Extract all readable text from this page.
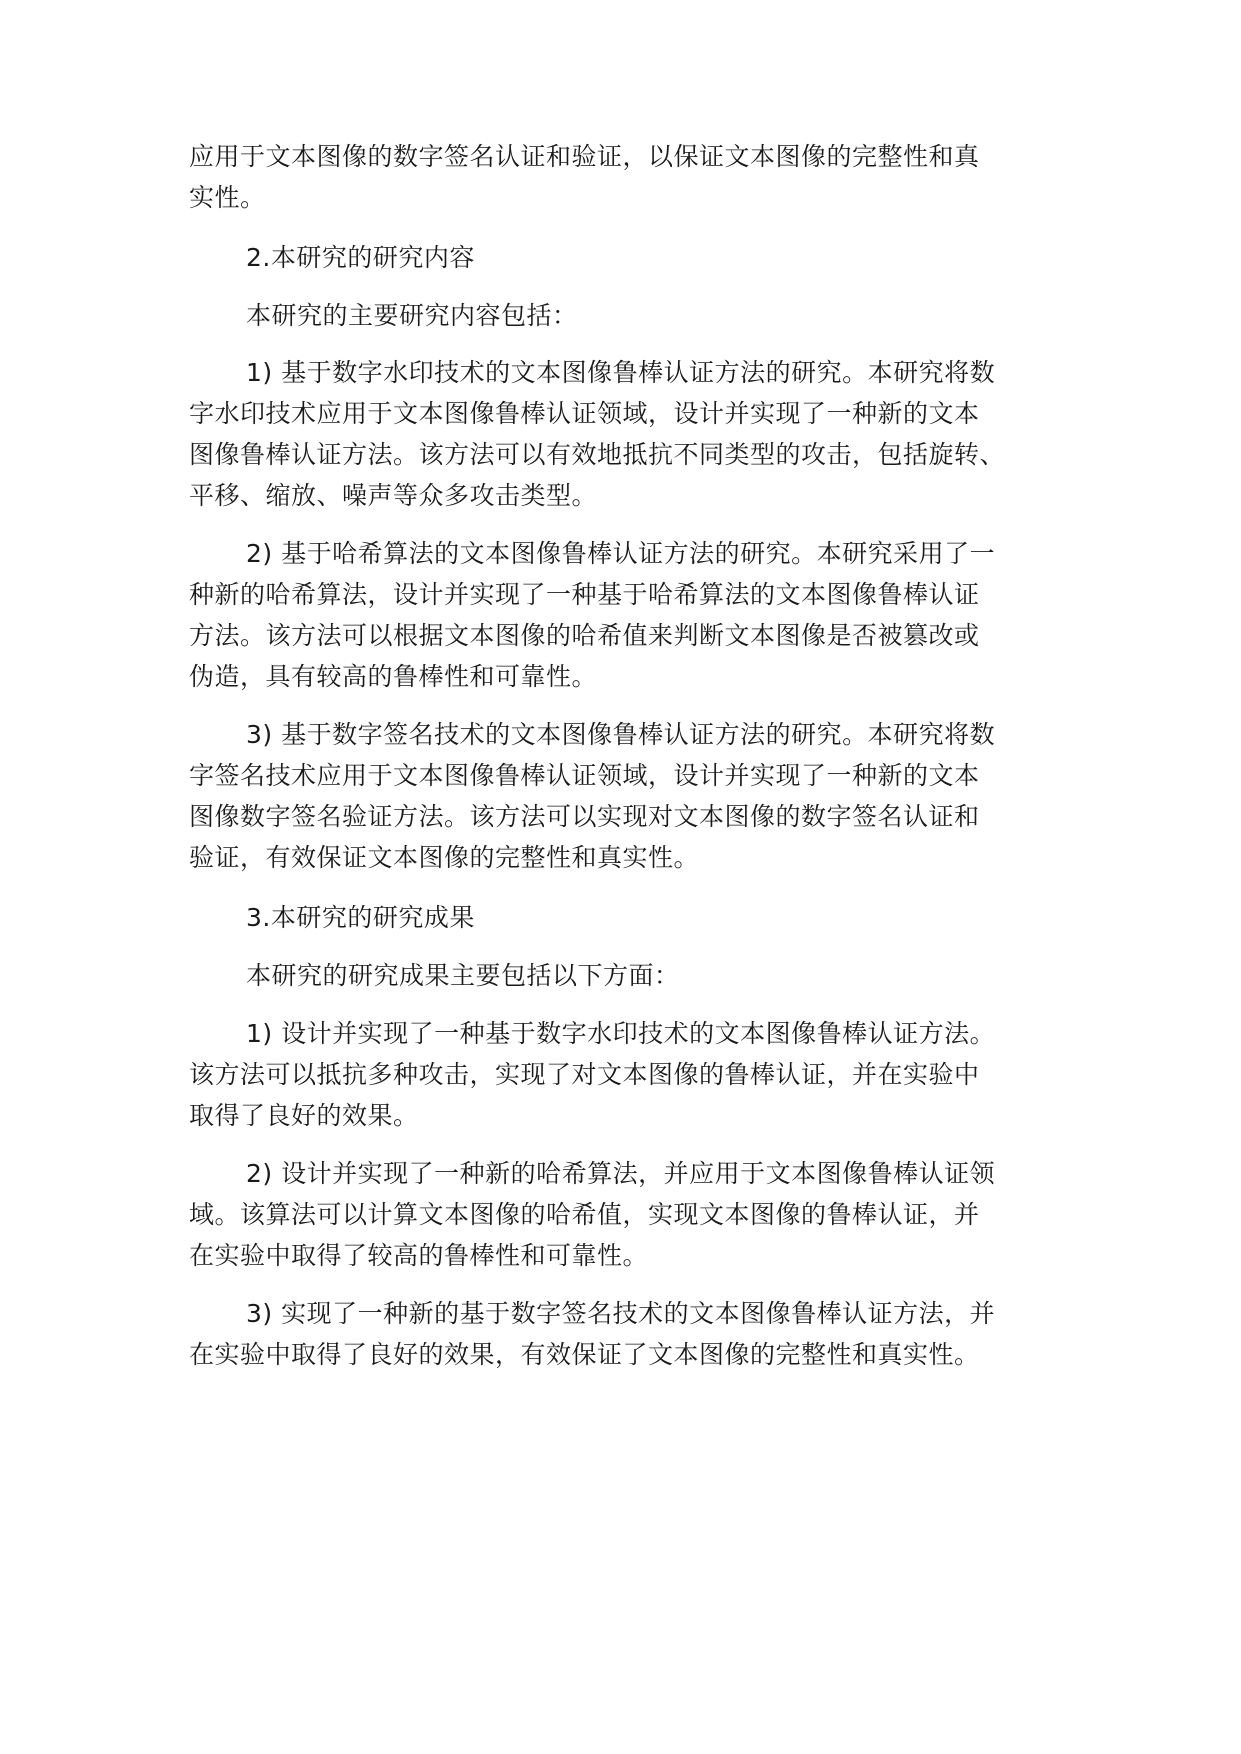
应用于文本图像的数字签名认证和验证，以保证文本图像的完整性和真
实性。
2.本研究的研究内容
本研究的主要研究内容包括：
1) 基于数字水印技术的文本图像鲁棒认证方法的研究。本研究将数
字水印技术应用于文本图像鲁棒认证领域，设计并实现了一种新的文本
图像鲁棒认证方法。该方法可以有效地抵抗不同类型的攻击，包括旋转、
平移、缩放、噪声等众多攻击类型。
2) 基于哈希算法的文本图像鲁棒认证方法的研究。本研究采用了一
种新的哈希算法，设计并实现了一种基于哈希算法的文本图像鲁棒认证
方法。该方法可以根据文本图像的哈希值来判断文本图像是否被篡改或
伪造，具有较高的鲁棒性和可靠性。
3) 基于数字签名技术的文本图像鲁棒认证方法的研究。本研究将数
字签名技术应用于文本图像鲁棒认证领域，设计并实现了一种新的文本
图像数字签名验证方法。该方法可以实现对文本图像的数字签名认证和
验证，有效保证文本图像的完整性和真实性。
3.本研究的研究成果
本研究的研究成果主要包括以下方面：
1) 设计并实现了一种基于数字水印技术的文本图像鲁棒认证方法。
该方法可以抵抗多种攻击，实现了对文本图像的鲁棒认证，并在实验中
取得了良好的效果。
2) 设计并实现了一种新的哈希算法，并应用于文本图像鲁棒认证领
域。该算法可以计算文本图像的哈希值，实现文本图像的鲁棒认证，并
在实验中取得了较高的鲁棒性和可靠性。
3) 实现了一种新的基于数字签名技术的文本图像鲁棒认证方法，并
在实验中取得了良好的效果，有效保证了文本图像的完整性和真实性。
